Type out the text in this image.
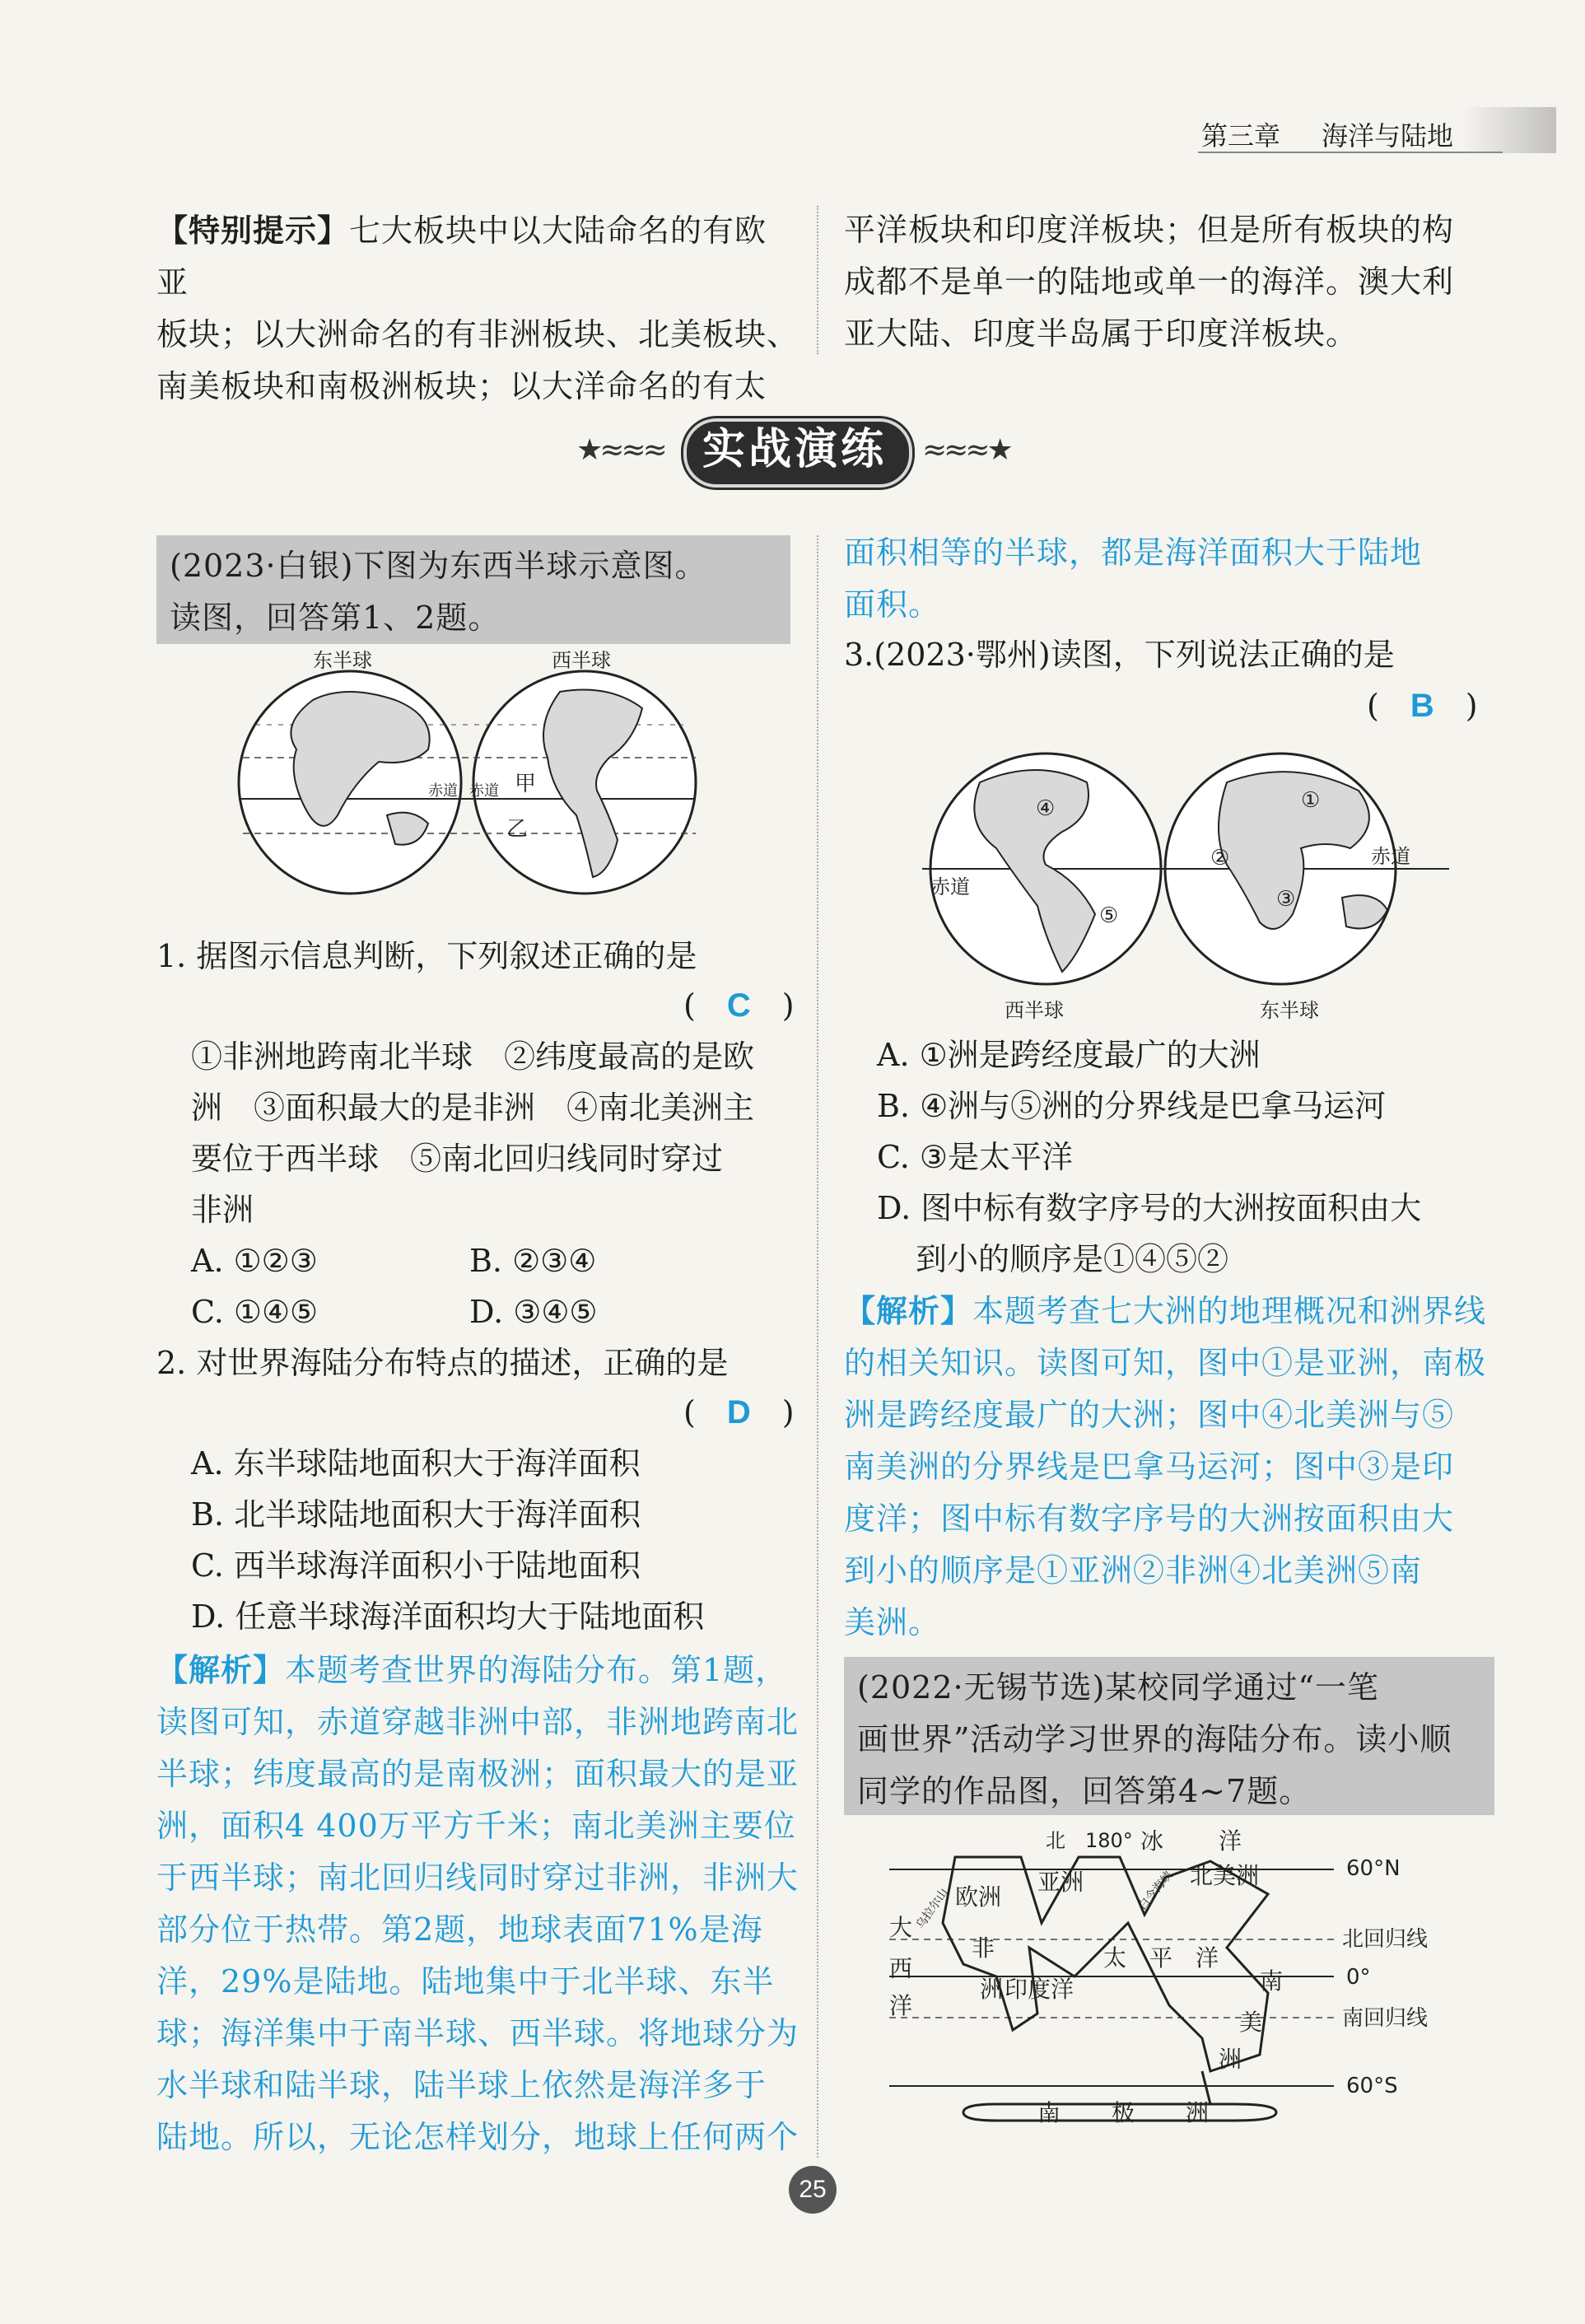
第三章 海洋与陆地

【特别提示】七大板块中以大陆命名的有欧亚

板块；以大洲命名的有非洲板块、北美板块、

南美板块和南极洲板块；以大洋命名的有太

平洋板块和印度洋板块；但是所有板块的构

成都不是单一的陆地或单一的海洋。澳大利

亚大陆、印度半岛属于印度洋板块。

★≈≈≈ 实战演练	≈≈≈★
(2023·白银)下图为东西半球示意图。
读图，回答第1、2题。
东半球	西半球
赤道 赤道 甲
乙
1. 据图示信息判断，下列叙述正确的是
(　C　)
①非洲地跨南北半球　②纬度最高的是欧
洲　③面积最大的是非洲　④南北美洲主
要位于西半球　⑤南北回归线同时穿过
非洲
A. ①②③	B. ②③④
C. ①④⑤	D. ③④⑤
2. 对世界海陆分布特点的描述，正确的是
(　D　)
A. 东半球陆地面积大于海洋面积
B. 北半球陆地面积大于海洋面积
C. 西半球海洋面积小于陆地面积
D. 任意半球海洋面积均大于陆地面积

【解析】本题考查世界的海陆分布。第1题，

读图可知，赤道穿越非洲中部，非洲地跨南北

半球；纬度最高的是南极洲；面积最大的是亚

洲，面积4 400万平方千米；南北美洲主要位

于西半球；南北回归线同时穿过非洲，非洲大

部分位于热带。第2题，地球表面71%是海

洋，29%是陆地。陆地集中于北半球、东半

球；海洋集中于南半球、西半球。将地球分为

水半球和陆半球，陆半球上依然是海洋多于

陆地。所以，无论怎样划分，地球上任何两个

面积相等的半球，都是海洋面积大于陆地

面积。

3.(2023·鄂州)读图，下列说法正确的是
(　B　)
④
⑤
①
②
③
赤道
赤道
西半球	东半球
A. ①洲是跨经度最广的大洲
B. ④洲与⑤洲的分界线是巴拿马运河
C. ③是太平洋
D. 图中标有数字序号的大洲按面积由大
到小的顺序是①④⑤②

【解析】本题考查七大洲的地理概况和洲界线

的相关知识。读图可知，图中①是亚洲，南极

洲是跨经度最广的大洲；图中④北美洲与⑤

南美洲的分界线是巴拿马运河；图中③是印

度洋；图中标有数字序号的大洲按面积由大

到小的顺序是①亚洲②非洲④北美洲⑤南

美洲。

(2022·无锡节选)某校同学通过“一笔
画世界”活动学习世界的海陆分布。读小顺
同学的作品图，回答第4~7题。
北 180° 冰 洋
60°N
北回归线
0°
南回归线
60°S
亚洲
欧洲
北美洲
太　平　洋
印度洋
非
洲
大
西
洋
南
美
洲
南 极 洲
乌拉尔山	白令海峡
25
